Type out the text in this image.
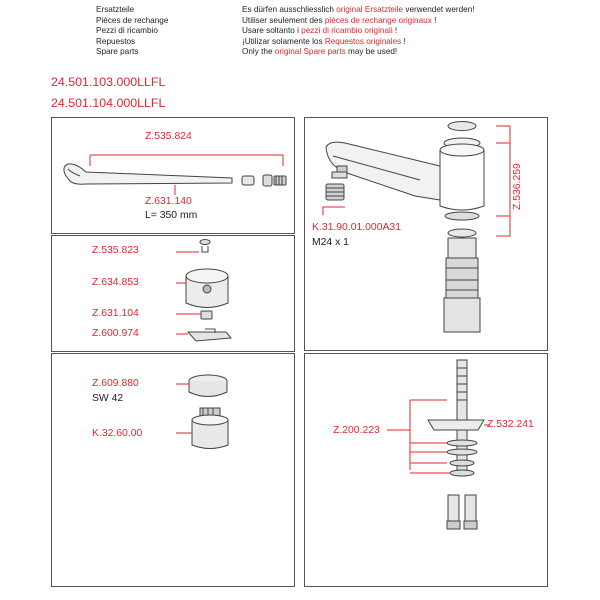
Ersatzteile
Pièces de rechange
Pezzi di ricambio
Repuestos
Spare parts
Es dürfen ausschliesslich original Ersatzteile verwendet werden!
Utiliser seulement des pièces de rechange originaux !
Usare soltanto i pezzi di ricambio originali !
¡Utilizar solamente los Requestos originales !
Only the original Spare parts may be used!
24.501.103.000LLFL
24.501.104.000LLFL
Z.535.824
Z.631.140
L= 350 mm
K.31.90.01.000A31
M24 x 1
Z.536.259
Z.535.823
Z.634.853
Z.631.104
Z.600.974
Z.609.880
SW 42
K.32.60.00	Z.200.223
Z.532.241
